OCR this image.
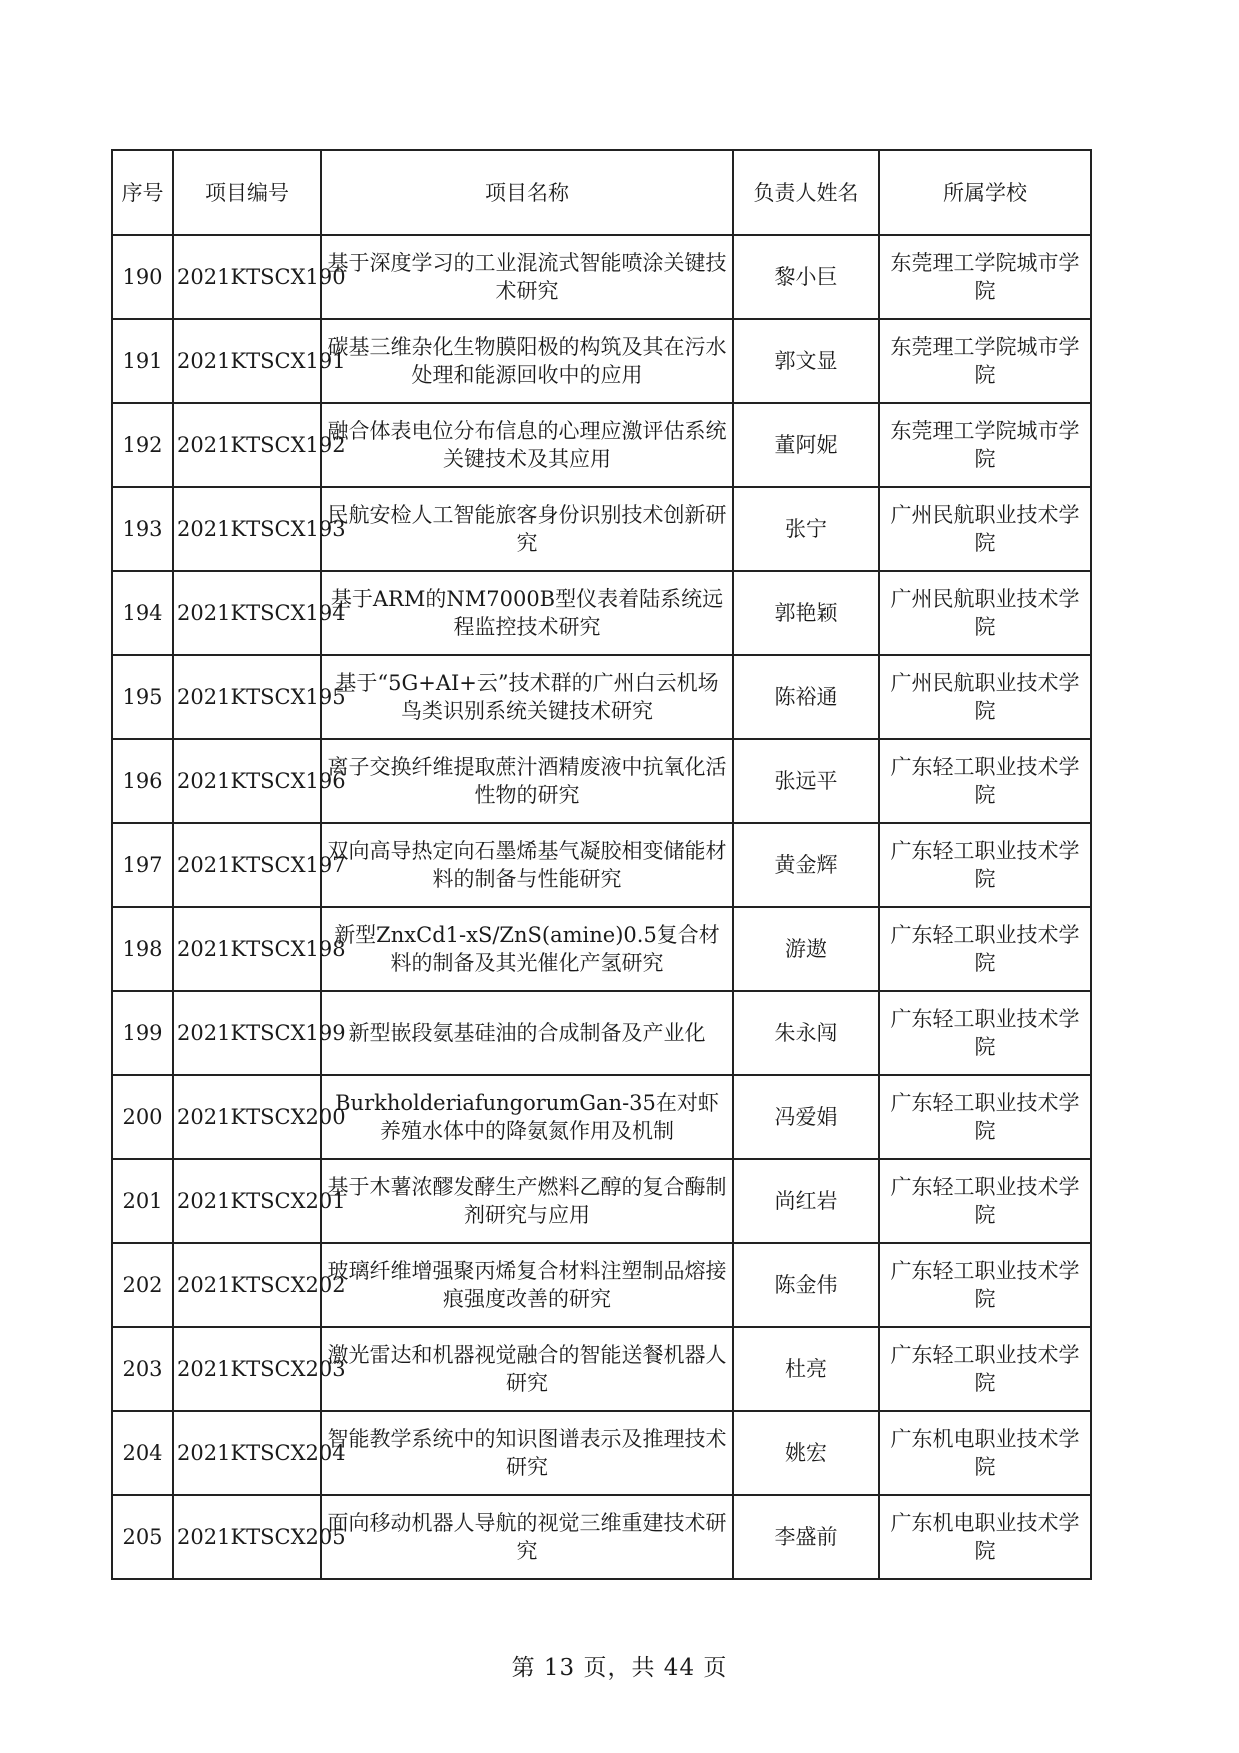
序号	项目编号	项目名称	负责人姓名	所属学校
190	2021KTSCX190	基于深度学习的工业混流式智能喷涂关键技术研究	黎小巨	东莞理工学院城市学院
191	2021KTSCX191	碳基三维杂化生物膜阳极的构筑及其在污水处理和能源回收中的应用	郭文显	东莞理工学院城市学院
192	2021KTSCX192	融合体表电位分布信息的心理应激评估系统关键技术及其应用	董阿妮	东莞理工学院城市学院
193	2021KTSCX193	民航安检人工智能旅客身份识别技术创新研究	张宁	广州民航职业技术学院
194	2021KTSCX194	基于ARM的NM7000B型仪表着陆系统远程监控技术研究	郭艳颖	广州民航职业技术学院
195	2021KTSCX195	基于“5G+AI+云”技术群的广州白云机场鸟类识别系统关键技术研究	陈裕通	广州民航职业技术学院
196	2021KTSCX196	离子交换纤维提取蔗汁酒精废液中抗氧化活性物的研究	张远平	广东轻工职业技术学院
197	2021KTSCX197	双向高导热定向石墨烯基气凝胶相变储能材料的制备与性能研究	黄金辉	广东轻工职业技术学院
198	2021KTSCX198	新型ZnxCd1-xS/ZnS(amine)0.5复合材料的制备及其光催化产氢研究	游遨	广东轻工职业技术学院
199	2021KTSCX199	新型嵌段氨基硅油的合成制备及产业化	朱永闯	广东轻工职业技术学院
200	2021KTSCX200	BurkholderiafungorumGan-35在对虾养殖水体中的降氨氮作用及机制	冯爱娟	广东轻工职业技术学院
201	2021KTSCX201	基于木薯浓醪发酵生产燃料乙醇的复合酶制剂研究与应用	尚红岩	广东轻工职业技术学院
202	2021KTSCX202	玻璃纤维增强聚丙烯复合材料注塑制品熔接痕强度改善的研究	陈金伟	广东轻工职业技术学院
203	2021KTSCX203	激光雷达和机器视觉融合的智能送餐机器人研究	杜亮	广东轻工职业技术学院
204	2021KTSCX204	智能教学系统中的知识图谱表示及推理技术研究	姚宏	广东机电职业技术学院
205	2021KTSCX205	面向移动机器人导航的视觉三维重建技术研究	李盛前	广东机电职业技术学院
第 13 页，共 44 页
